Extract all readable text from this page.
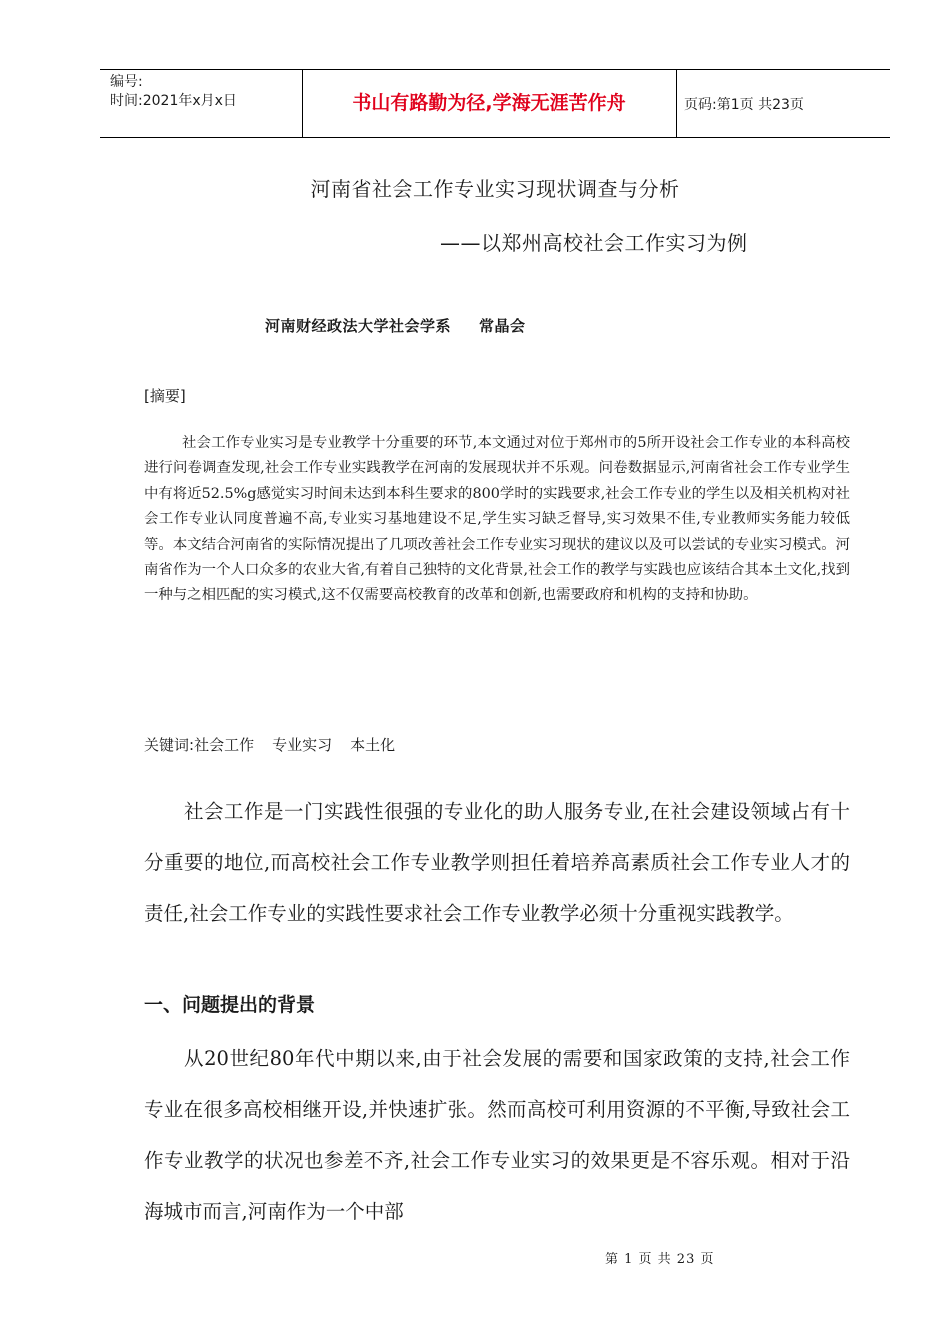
编号:
时间:2021年x月x日	书山有路勤为径,学海无涯苦作舟	页码:第1页 共23页
河南省社会工作专业实习现状调查与分析
——以郑州高校社会工作实习为例
河南财经政法大学社会学系 常晶会
[摘要]

社会工作专业实习是专业教学十分重要的环节,本文通过对位于郑州市的5所开设社会工作专业的本科高校进行问卷调查发现,社会工作专业实践教学在河南的发展现状并不乐观。问卷数据显示,河南省社会工作专业学生中有将近52.5%g感觉实习时间未达到本科生要求的800学时的实践要求,社会工作专业的学生以及相关机构对社会工作专业认同度普遍不高,专业实习基地建设不足,学生实习缺乏督导,实习效果不佳,专业教师实务能力较低等。本文结合河南省的实际情况提出了几项改善社会工作专业实习现状的建议以及可以尝试的专业实习模式。河南省作为一个人口众多的农业大省,有着自己独特的文化背景,社会工作的教学与实践也应该结合其本土文化,找到一种与之相匹配的实习模式,这不仅需要高校教育的改革和创新,也需要政府和机构的支持和协助。

关键词:社会工作 专业实习 本土化

社会工作是一门实践性很强的专业化的助人服务专业,在社会建设领域占有十分重要的地位,而高校社会工作专业教学则担任着培养高素质社会工作专业人才的责任,社会工作专业的实践性要求社会工作专业教学必须十分重视实践教学。

一、问题提出的背景

从20世纪80年代中期以来,由于社会发展的需要和国家政策的支持,社会工作专业在很多高校相继开设,并快速扩张。然而高校可利用资源的不平衡,导致社会工作专业教学的状况也参差不齐,社会工作专业实习的效果更是不容乐观。相对于沿海城市而言,河南作为一个中部

第 1 页 共 23 页
